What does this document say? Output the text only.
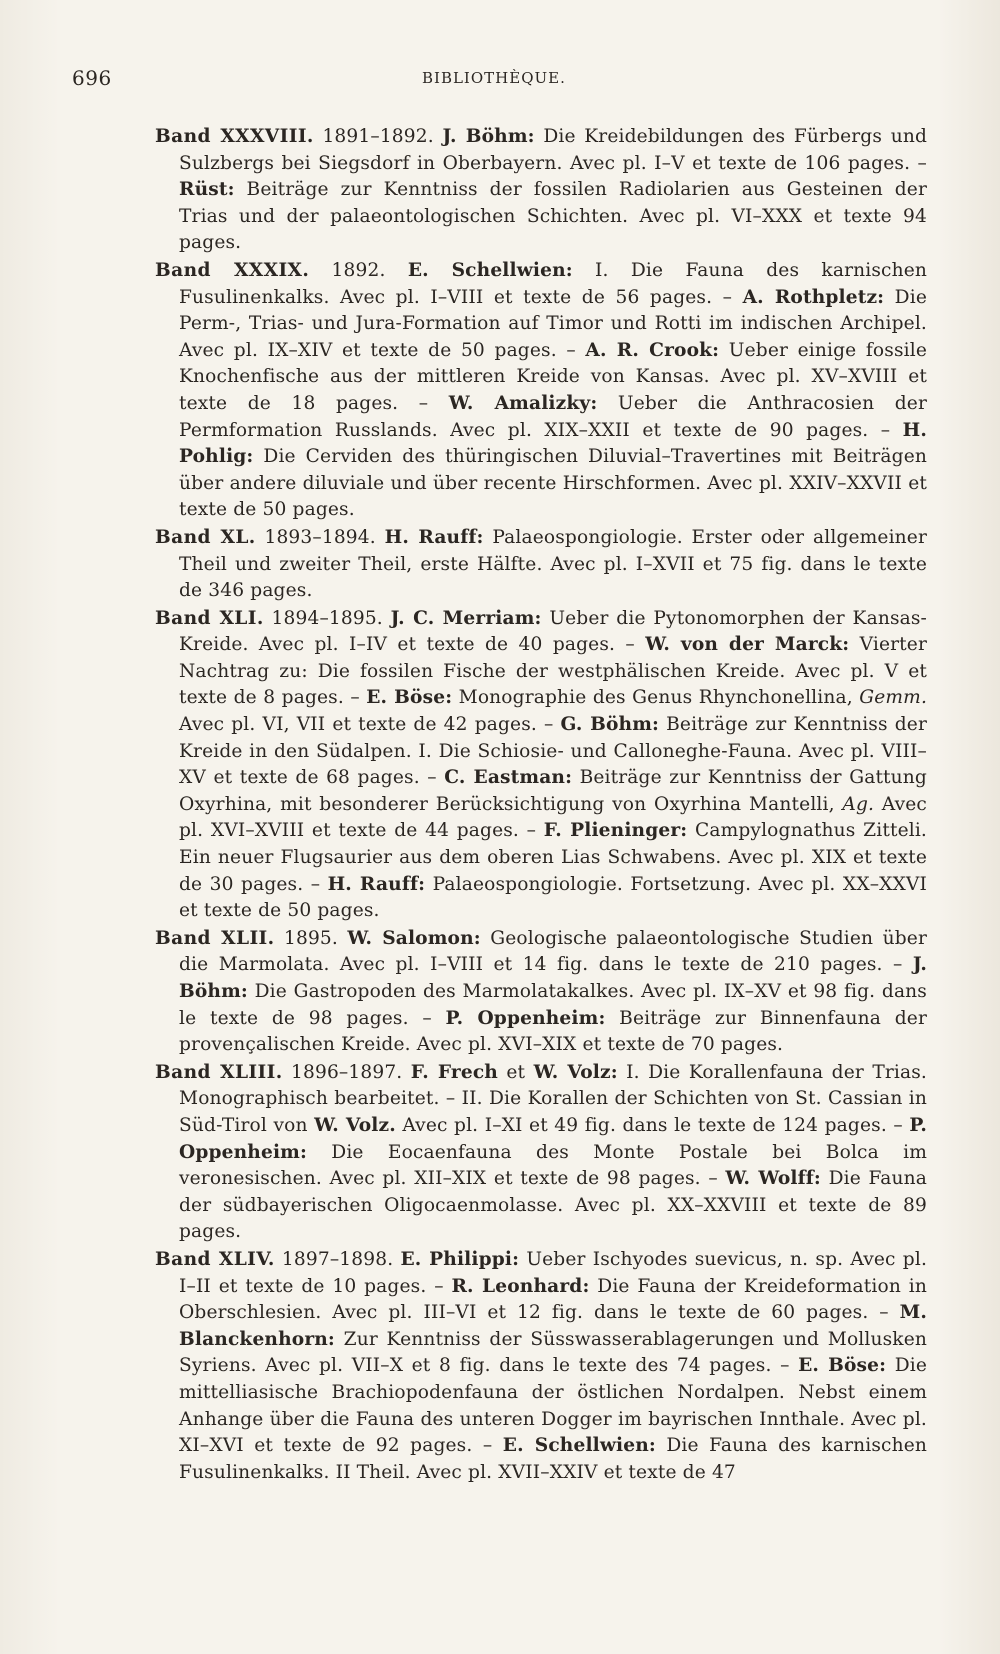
696	BIBLIOTHÈQUE.

Band XXXVIII. 1891–1892. J. Böhm: Die Kreidebildungen des Fürbergs und Sulzbergs bei Siegsdorf in Oberbayern. Avec pl. I–V et texte de 106 pages. – Rüst: Beiträge zur Kenntniss der fossilen Radiolarien aus Gesteinen der Trias und der palaeontologischen Schichten. Avec pl. VI–XXX et texte 94 pages.

Band XXXIX. 1892. E. Schellwien: I. Die Fauna des karnischen Fusulinenkalks. Avec pl. I–VIII et texte de 56 pages. – A. Rothpletz: Die Perm-, Trias- und Jura-Formation auf Timor und Rotti im indischen Archipel. Avec pl. IX–XIV et texte de 50 pages. – A. R. Crook: Ueber einige fossile Knochenfische aus der mittleren Kreide von Kansas. Avec pl. XV–XVIII et texte de 18 pages. – W. Amalizky: Ueber die Anthracosien der Permformation Russlands. Avec pl. XIX–XXII et texte de 90 pages. – H. Pohlig: Die Cerviden des thüringischen Diluvial–Travertines mit Beiträgen über andere diluviale und über recente Hirschformen. Avec pl. XXIV–XXVII et texte de 50 pages.

Band XL. 1893–1894. H. Rauff: Palaeospongiologie. Erster oder allgemeiner Theil und zweiter Theil, erste Hälfte. Avec pl. I–XVII et 75 fig. dans le texte de 346 pages.

Band XLI. 1894–1895. J. C. Merriam: Ueber die Pytonomorphen der Kansas-Kreide. Avec pl. I–IV et texte de 40 pages. – W. von der Marck: Vierter Nachtrag zu: Die fossilen Fische der westphälischen Kreide. Avec pl. V et texte de 8 pages. – E. Böse: Monographie des Genus Rhynchonellina, Gemm. Avec pl. VI, VII et texte de 42 pages. – G. Böhm: Beiträge zur Kenntniss der Kreide in den Südalpen. I. Die Schiosie- und Calloneghe-Fauna. Avec pl. VIII–XV et texte de 68 pages. – C. Eastman: Beiträge zur Kenntniss der Gattung Oxyrhina, mit besonderer Berücksichtigung von Oxyrhina Mantelli, Ag. Avec pl. XVI–XVIII et texte de 44 pages. – F. Plieninger: Campylognathus Zitteli. Ein neuer Flugsaurier aus dem oberen Lias Schwabens. Avec pl. XIX et texte de 30 pages. – H. Rauff: Palaeospongiologie. Fortsetzung. Avec pl. XX–XXVI et texte de 50 pages.

Band XLII. 1895. W. Salomon: Geologische palaeontologische Studien über die Marmolata. Avec pl. I–VIII et 14 fig. dans le texte de 210 pages. – J. Böhm: Die Gastropoden des Marmolatakalkes. Avec pl. IX–XV et 98 fig. dans le texte de 98 pages. – P. Oppenheim: Beiträge zur Binnenfauna der provençalischen Kreide. Avec pl. XVI–XIX et texte de 70 pages.

Band XLIII. 1896–1897. F. Frech et W. Volz: I. Die Korallenfauna der Trias. Monographisch bearbeitet. – II. Die Korallen der Schichten von St. Cassian in Süd-Tirol von W. Volz. Avec pl. I–XI et 49 fig. dans le texte de 124 pages. – P. Oppenheim: Die Eocaenfauna des Monte Postale bei Bolca im veronesischen. Avec pl. XII–XIX et texte de 98 pages. – W. Wolff: Die Fauna der südbayerischen Oligocaenmolasse. Avec pl. XX–XXVIII et texte de 89 pages.

Band XLIV. 1897–1898. E. Philippi: Ueber Ischyodes suevicus, n. sp. Avec pl. I–II et texte de 10 pages. – R. Leonhard: Die Fauna der Kreideformation in Oberschlesien. Avec pl. III–VI et 12 fig. dans le texte de 60 pages. – M. Blanckenhorn: Zur Kenntniss der Süsswasserablagerungen und Mollusken Syriens. Avec pl. VII–X et 8 fig. dans le texte des 74 pages. – E. Böse: Die mittelliasische Brachiopodenfauna der östlichen Nordalpen. Nebst einem Anhange über die Fauna des unteren Dogger im bayrischen Innthale. Avec pl. XI–XVI et texte de 92 pages. – E. Schellwien: Die Fauna des karnischen Fusulinenkalks. II Theil. Avec pl. XVII–XXIV et texte de 47
